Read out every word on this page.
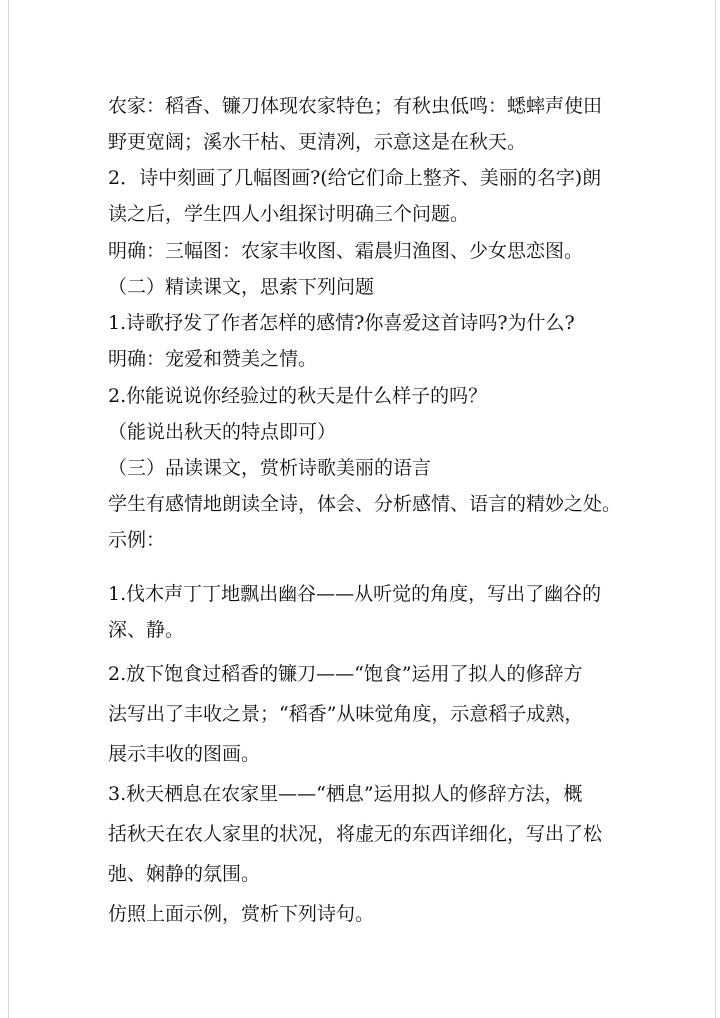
农家：稻香、镰刀体现农家特色；有秋虫低鸣：蟋蟀声使田
野更宽阔；溪水干枯、更清冽，示意这是在秋天。
2．诗中刻画了几幅图画?(给它们命上整齐、美丽的名字)朗
读之后，学生四人小组探讨明确三个问题。
明确：三幅图：农家丰收图、霜晨归渔图、少女思恋图。
（二）精读课文，思索下列问题
1.诗歌抒发了作者怎样的感情?你喜爱这首诗吗?为什么?
明确：宠爱和赞美之情。
2.你能说说你经验过的秋天是什么样子的吗？
（能说出秋天的特点即可）
（三）品读课文，赏析诗歌美丽的语言
学生有感情地朗读全诗，体会、分析感情、语言的精妙之处。
示例：
1.伐木声丁丁地飘出幽谷——从听觉的角度，写出了幽谷的
深、静。
2.放下饱食过稻香的镰刀——“饱食”运用了拟人的修辞方
法写出了丰收之景；“稻香”从味觉角度，示意稻子成熟，
展示丰收的图画。
3.秋天栖息在农家里——“栖息”运用拟人的修辞方法，概
括秋天在农人家里的状况，将虚无的东西详细化，写出了松
弛、娴静的氛围。
仿照上面示例，赏析下列诗句。
